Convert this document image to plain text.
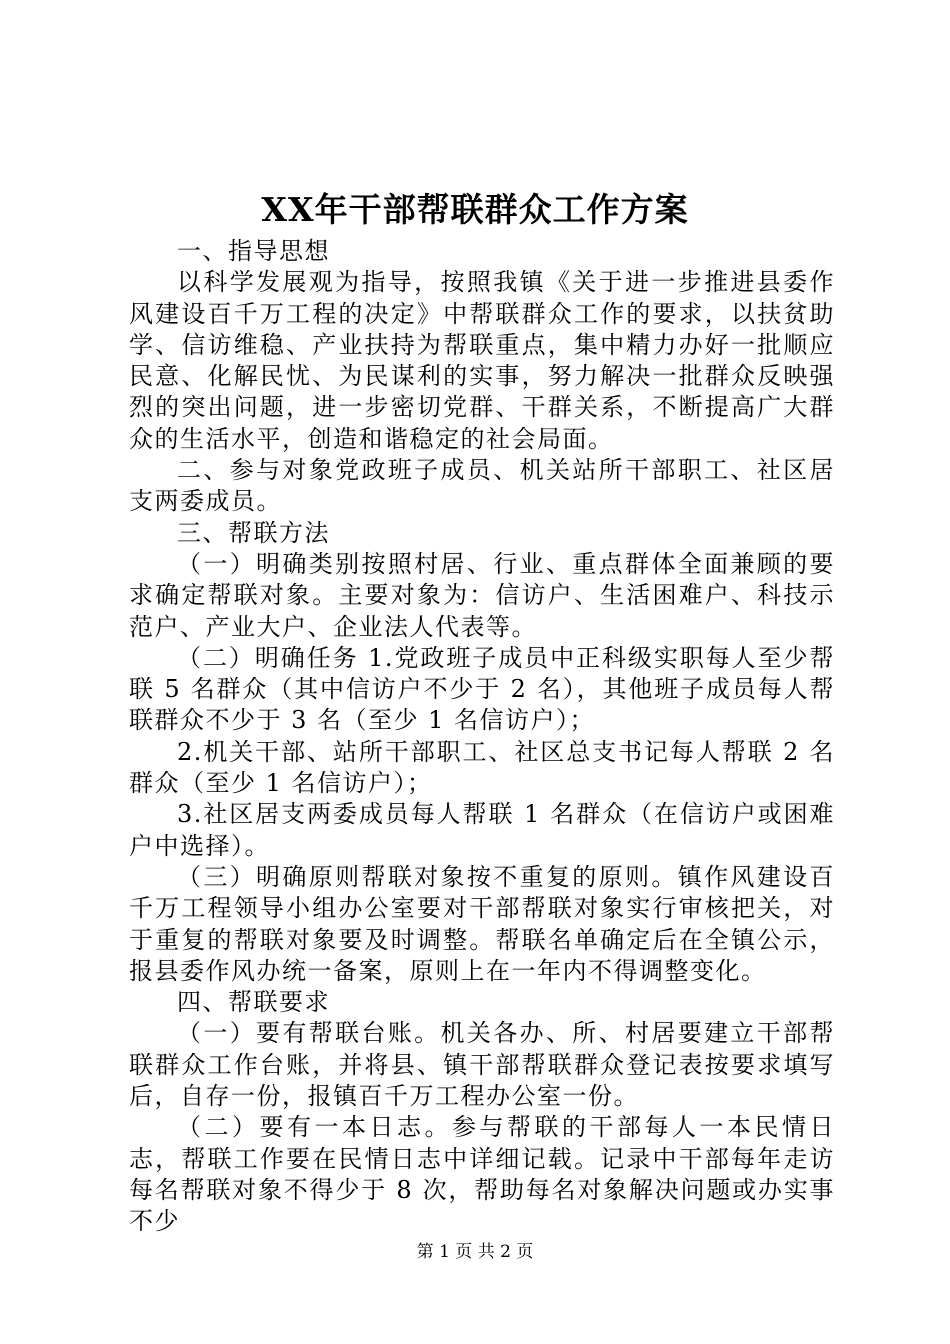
XX年干部帮联群众工作方案

一、指导思想

以科学发展观为指导，按照我镇《关于进一步推进县委作风建设百千万工程的决定》中帮联群众工作的要求，以扶贫助学、信访维稳、产业扶持为帮联重点，集中精力办好一批顺应民意、化解民忧、为民谋利的实事，努力解决一批群众反映强烈的突出问题，进一步密切党群、干群关系，不断提高广大群众的生活水平，创造和谐稳定的社会局面。

二、参与对象党政班子成员、机关站所干部职工、社区居支两委成员。

三、帮联方法

（一）明确类别按照村居、行业、重点群体全面兼顾的要求确定帮联对象。主要对象为：信访户、生活困难户、科技示范户、产业大户、企业法人代表等。

（二）明确任务 1.党政班子成员中正科级实职每人至少帮联 5 名群众（其中信访户不少于 2 名），其他班子成员每人帮联群众不少于 3 名（至少 1 名信访户）；

2.机关干部、站所干部职工、社区总支书记每人帮联 2 名群众（至少 1 名信访户）；

3.社区居支两委成员每人帮联 1 名群众（在信访户或困难户中选择）。

（三）明确原则帮联对象按不重复的原则。镇作风建设百千万工程领导小组办公室要对干部帮联对象实行审核把关，对于重复的帮联对象要及时调整。帮联名单确定后在全镇公示，报县委作风办统一备案，原则上在一年内不得调整变化。

四、帮联要求

（一）要有帮联台账。机关各办、所、村居要建立干部帮联群众工作台账，并将县、镇干部帮联群众登记表按要求填写后，自存一份，报镇百千万工程办公室一份。

（二）要有一本日志。参与帮联的干部每人一本民情日志，帮联工作要在民情日志中详细记载。记录中干部每年走访每名帮联对象不得少于 8 次，帮助每名对象解决问题或办实事不少

第 1 页 共 2 页
